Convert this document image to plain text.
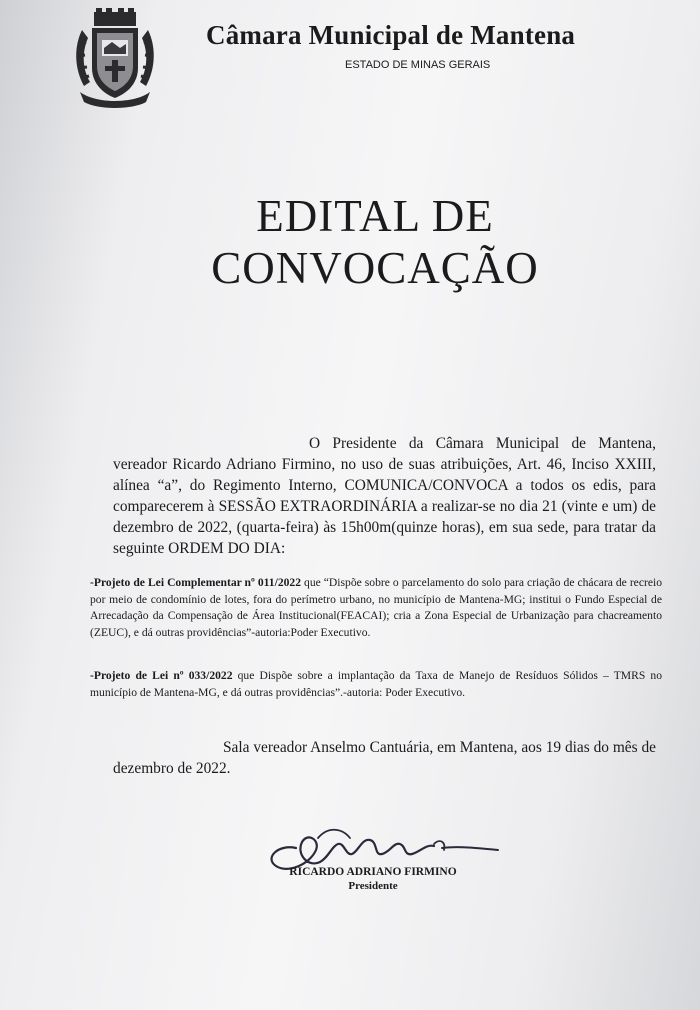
Câmara Municipal de Mantena
ESTADO DE MINAS GERAIS
EDITAL DE
CONVOCAÇÃO

O Presidente da Câmara Municipal de Mantena, vereador Ricardo Adriano Firmino, no uso de suas atribuições, Art. 46, Inciso XXIII, alínea “a”, do Regimento Interno, COMUNICA/CONVOCA a todos os edis, para comparecerem à SESSÃO EXTRAORDINÁRIA a realizar-se no dia 21 (vinte e um) de dezembro de 2022, (quarta-feira) às 15h00m(quinze horas), em sua sede, para tratar da seguinte ORDEM DO DIA:

-Projeto de Lei Complementar nº 011/2022 que “Dispõe sobre o parcelamento do solo para criação de chácara de recreio por meio de condomínio de lotes, fora do perímetro urbano, no município de Mantena-MG; institui o Fundo Especial de Arrecadação da Compensação de Área Institucional(FEACAI); cria a Zona Especial de Urbanização para chacreamento (ZEUC), e dá outras providências”-autoria:Poder Executivo.
-Projeto de Lei nº 033/2022 que Dispõe sobre a implantação da Taxa de Manejo de Resíduos Sólidos – TMRS no município de Mantena-MG, e dá outras providências”.-autoria: Poder Executivo.

Sala vereador Anselmo Cantuária, em Mantena, aos 19 dias do mês de dezembro de 2022.

RICARDO ADRIANO FIRMINO
Presidente
